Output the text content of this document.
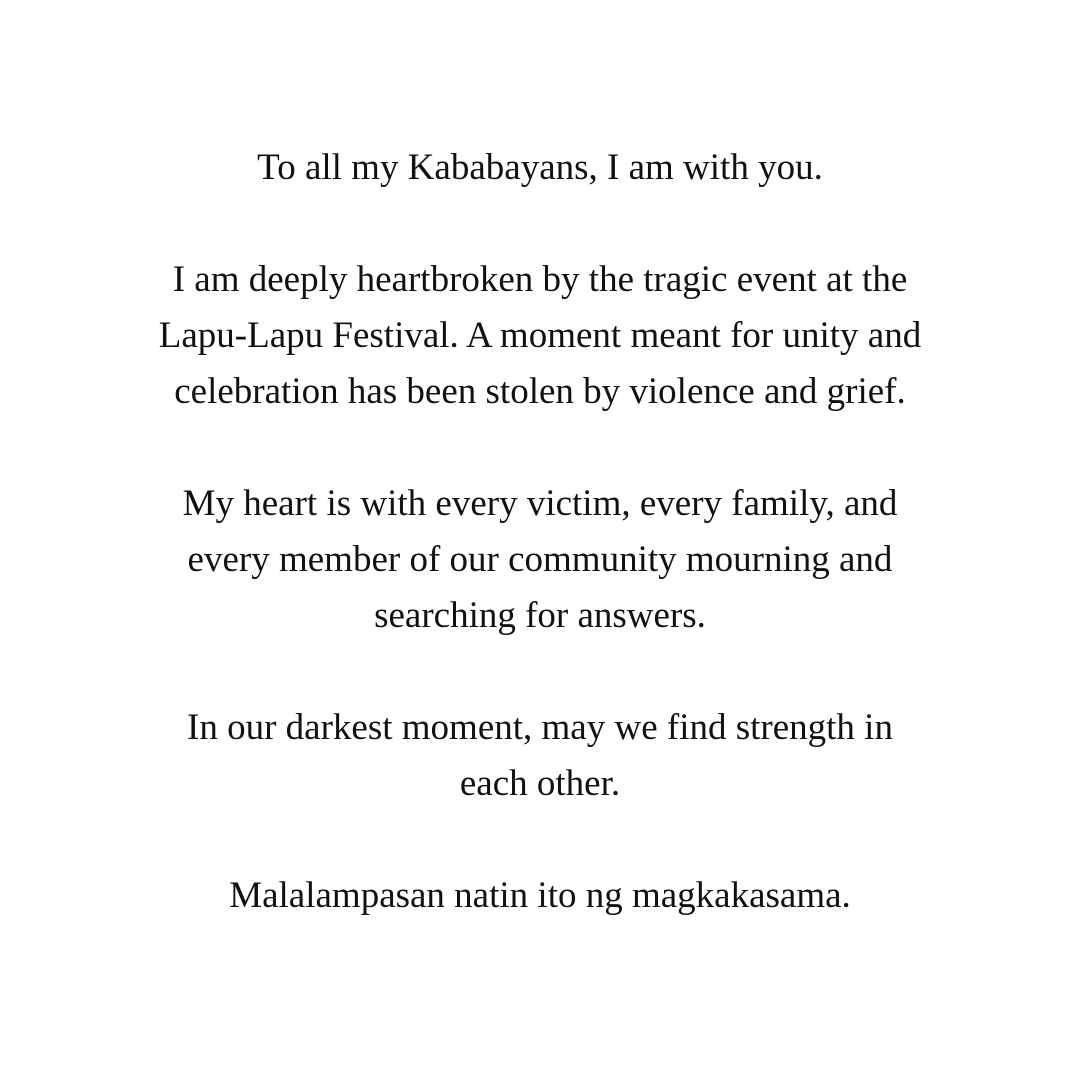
To all my Kababayans, I am with you.

I am deeply heartbroken by the tragic event at the
Lapu-Lapu Festival. A moment meant for unity and
celebration has been stolen by violence and grief.

My heart is with every victim, every family, and
every member of our community mourning and
searching for answers.

In our darkest moment, may we find strength in
each other.

Malalampasan natin ito ng magkakasama.
